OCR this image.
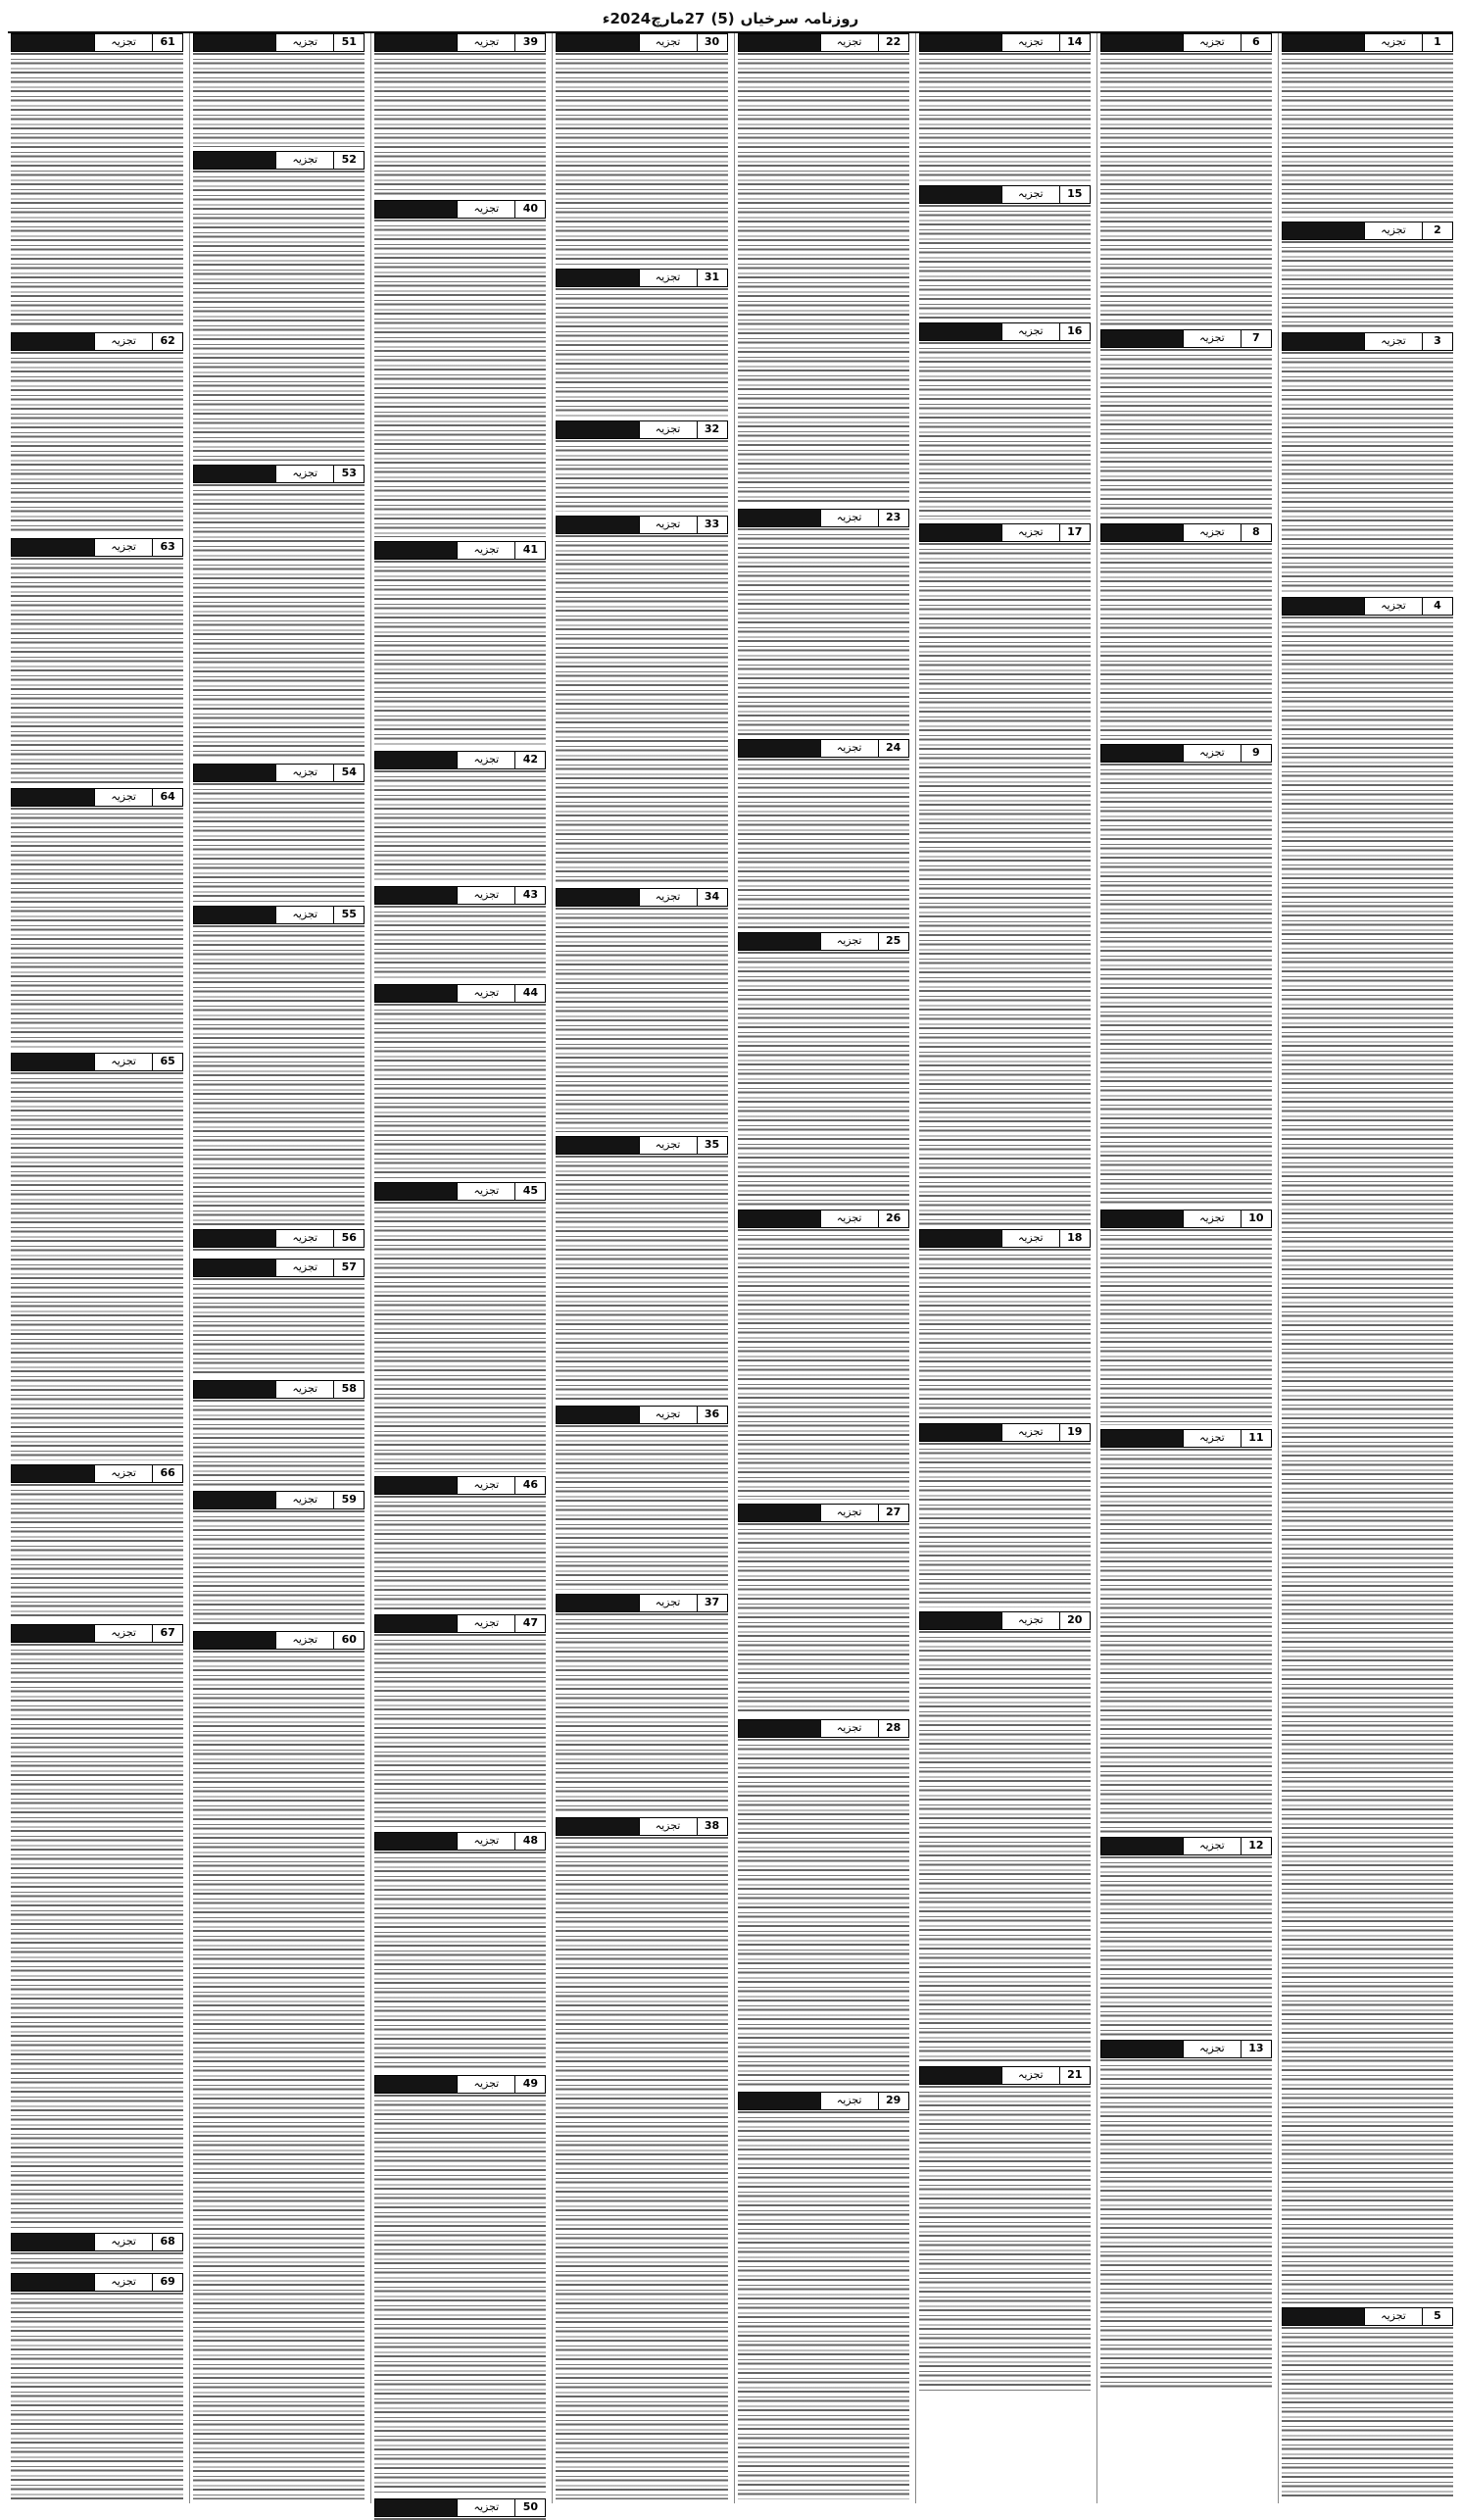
روزنامہ سرخیاں
(5)
27مارچ2024ء
1
تجزیہ
2
تجزیہ
3
تجزیہ
4
تجزیہ
5
تجزیہ
6
تجزیہ
7
تجزیہ
8
تجزیہ
9
تجزیہ
10
تجزیہ
11
تجزیہ
12
تجزیہ
13
تجزیہ
14
تجزیہ
15
تجزیہ
16
تجزیہ
17
تجزیہ
18
تجزیہ
19
تجزیہ
20
تجزیہ
21
تجزیہ
22
تجزیہ
23
تجزیہ
24
تجزیہ
25
تجزیہ
26
تجزیہ
27
تجزیہ
28
تجزیہ
29
تجزیہ
30
تجزیہ
31
تجزیہ
32
تجزیہ
33
تجزیہ
34
تجزیہ
35
تجزیہ
36
تجزیہ
37
تجزیہ
38
تجزیہ
39
تجزیہ
40
تجزیہ
41
تجزیہ
42
تجزیہ
43
تجزیہ
44
تجزیہ
45
تجزیہ
46
تجزیہ
47
تجزیہ
48
تجزیہ
49
تجزیہ
50
تجزیہ
51
تجزیہ
52
تجزیہ
53
تجزیہ
54
تجزیہ
55
تجزیہ
56
تجزیہ
57
تجزیہ
58
تجزیہ
59
تجزیہ
60
تجزیہ
61
تجزیہ
62
تجزیہ
63
تجزیہ
64
تجزیہ
65
تجزیہ
66
تجزیہ
67
تجزیہ
68
تجزیہ
69
تجزیہ
